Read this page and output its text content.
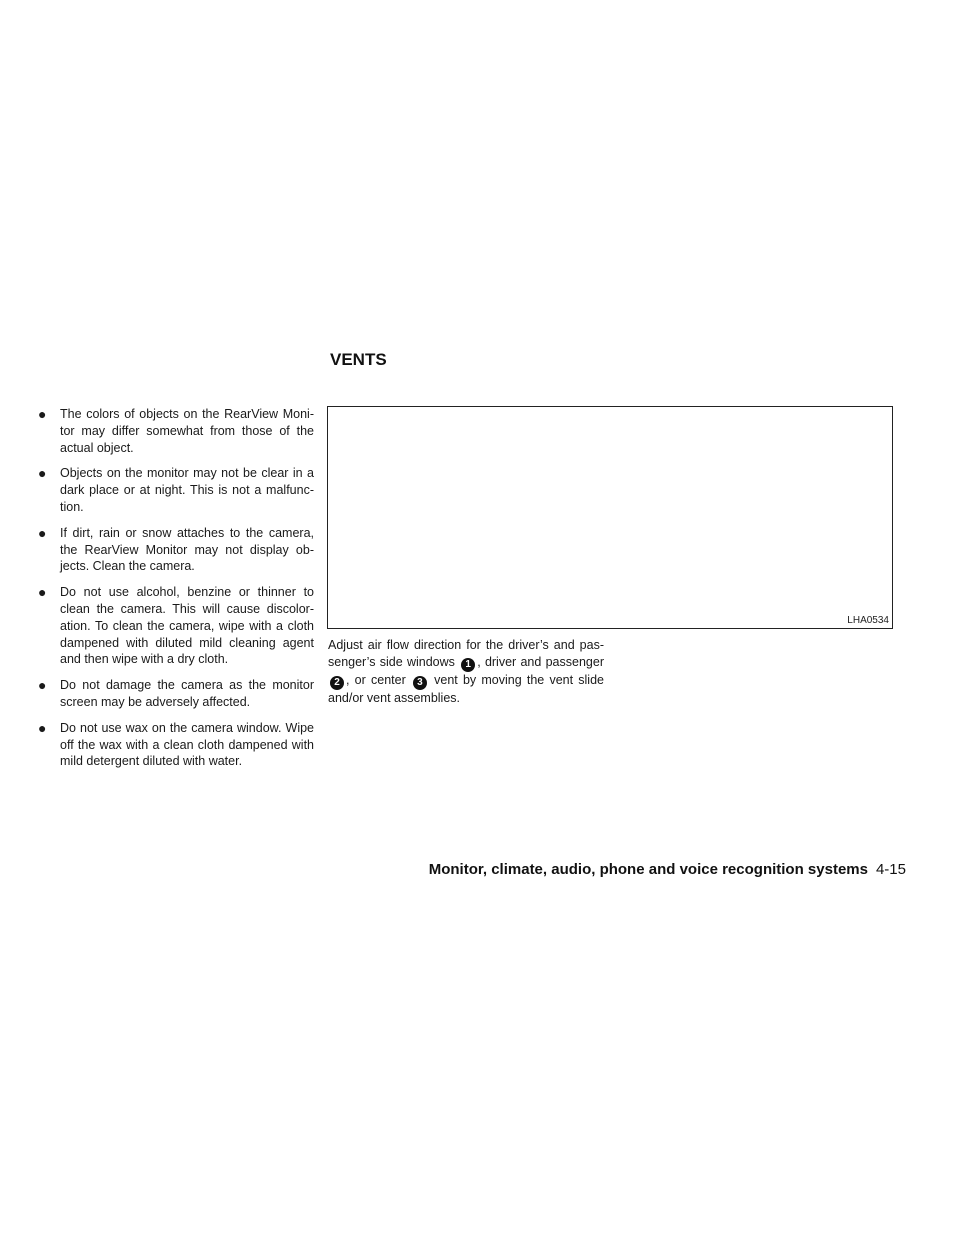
VENTS
● The colors of objects on the RearView Monitor may differ somewhat from those of the actual object.
● Objects on the monitor may not be clear in a dark place or at night. This is not a malfunction.
● If dirt, rain or snow attaches to the camera, the RearView Monitor may not display objects. Clean the camera.
● Do not use alcohol, benzine or thinner to clean the camera. This will cause discoloration. To clean the camera, wipe with a cloth dampened with diluted mild cleaning agent and then wipe with a dry cloth.
● Do not damage the camera as the monitor screen may be adversely affected.
● Do not use wax on the camera window. Wipe off the wax with a clean cloth dampened with mild detergent diluted with water.
LHA0534

Adjust air flow direction for the driver’s and passenger’s side windows 1 , driver and passenger 2 , or center 3 vent by moving the vent slide and/or vent assemblies.

Monitor, climate, audio, phone and voice recognition systems 4-15
